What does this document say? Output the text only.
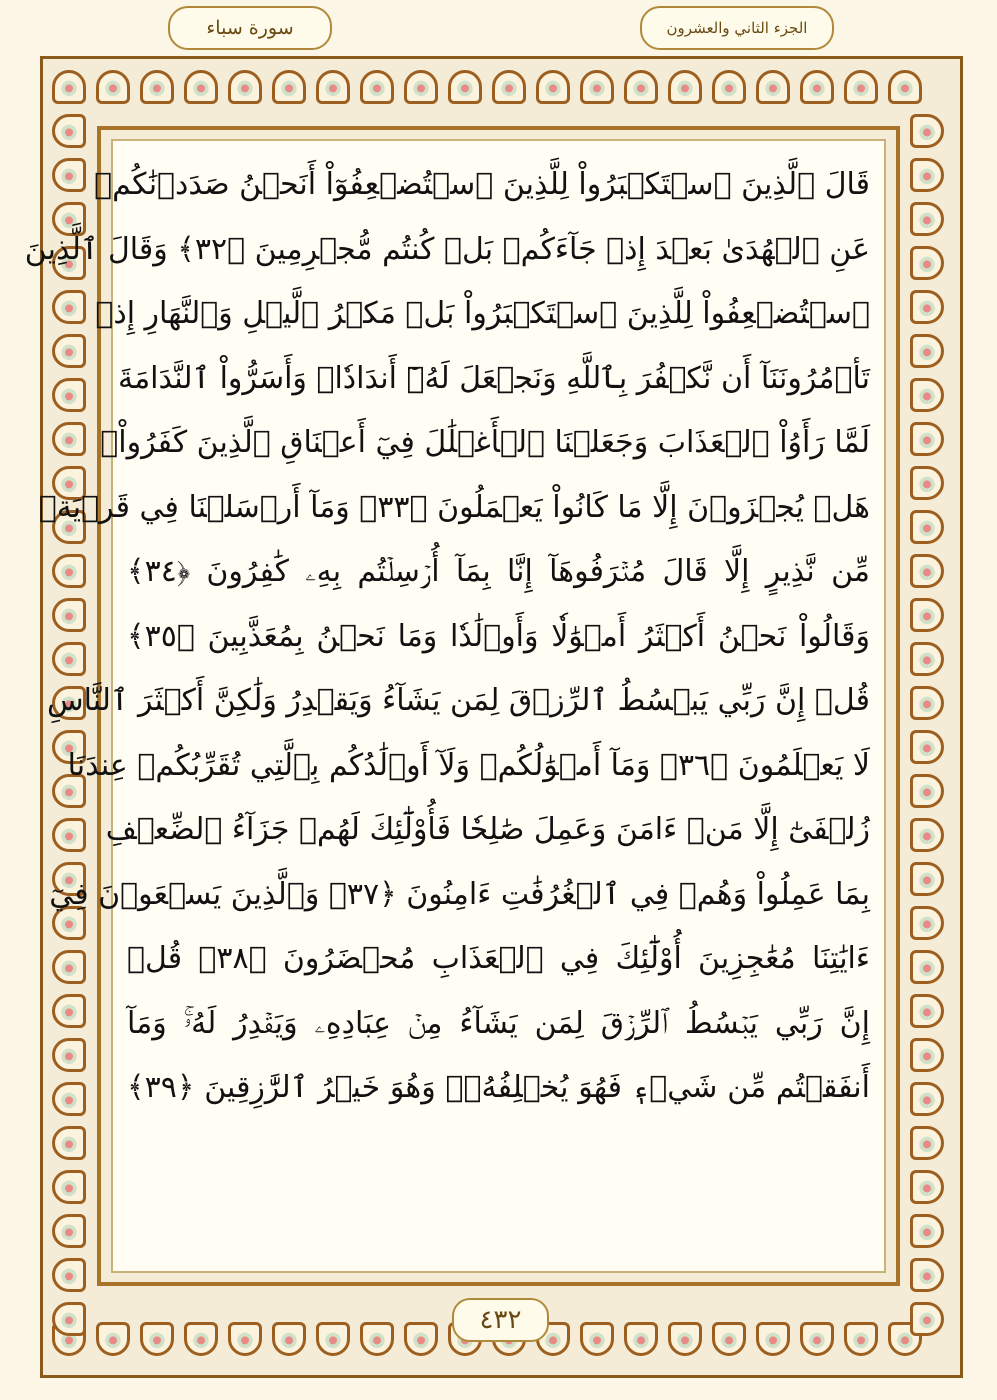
سورة سباء	الجزء الثاني والعشرون
قَالَ ٱلَّذِينَ ٱسۡتَكۡبَرُواْ لِلَّذِينَ ٱسۡتُضۡعِفُوٓاْ أَنَحۡنُ صَدَدۡنَٰكُمۡ
عَنِ ٱلۡهُدَىٰ بَعۡدَ إِذۡ جَآءَكُمۖ بَلۡ كُنتُم مُّجۡرِمِينَ ﴿٣٢﴾ وَقَالَ ٱلَّذِينَ
ٱسۡتُضۡعِفُواْ لِلَّذِينَ ٱسۡتَكۡبَرُواْ بَلۡ مَكۡرُ ٱلَّيۡلِ وَٱلنَّهَارِ إِذۡ
تَأۡمُرُونَنَآ أَن نَّكۡفُرَ بِٱللَّهِ وَنَجۡعَلَ لَهُۥٓ أَندَادٗاۚ وَأَسَرُّواْ ٱلنَّدَامَةَ
لَمَّا رَأَوُاْ ٱلۡعَذَابَ وَجَعَلۡنَا ٱلۡأَغۡلَٰلَ فِيٓ أَعۡنَاقِ ٱلَّذِينَ كَفَرُواْۚ
هَلۡ يُجۡزَوۡنَ إِلَّا مَا كَانُواْ يَعۡمَلُونَ ﴿٣٣﴾ وَمَآ أَرۡسَلۡنَا فِي قَرۡيَةٖ
مِّن نَّذِيرٍ إِلَّا قَالَ مُتۡرَفُوهَآ إِنَّا بِمَآ أُرۡسِلۡتُم بِهِۦ كَٰفِرُونَ ﴿٣٤﴾
وَقَالُواْ نَحۡنُ أَكۡثَرُ أَمۡوَٰلٗا وَأَوۡلَٰدٗا وَمَا نَحۡنُ بِمُعَذَّبِينَ ﴿٣٥﴾
قُلۡ إِنَّ رَبِّي يَبۡسُطُ ٱلرِّزۡقَ لِمَن يَشَآءُ وَيَقۡدِرُ وَلَٰكِنَّ أَكۡثَرَ ٱلنَّاسِ
لَا يَعۡلَمُونَ ﴿٣٦﴾ وَمَآ أَمۡوَٰلُكُمۡ وَلَآ أَوۡلَٰدُكُم بِٱلَّتِي تُقَرِّبُكُمۡ عِندَنَا
زُلۡفَىٰٓ إِلَّا مَنۡ ءَامَنَ وَعَمِلَ صَٰلِحٗا فَأُوْلَٰٓئِكَ لَهُمۡ جَزَآءُ ٱلضِّعۡفِ
بِمَا عَمِلُواْ وَهُمۡ فِي ٱلۡغُرُفَٰتِ ءَامِنُونَ ﴿٣٧﴾ وَٱلَّذِينَ يَسۡعَوۡنَ فِيٓ
ءَايَٰتِنَا مُعَٰجِزِينَ أُوْلَٰٓئِكَ فِي ٱلۡعَذَابِ مُحۡضَرُونَ ﴿٣٨﴾ قُلۡ
إِنَّ رَبِّي يَبۡسُطُ ٱلرِّزۡقَ لِمَن يَشَآءُ مِنۡ عِبَادِهِۦ وَيَقۡدِرُ لَهُۥۚ وَمَآ
أَنفَقۡتُم مِّن شَيۡءٖ فَهُوَ يُخۡلِفُهُۥۖ وَهُوَ خَيۡرُ ٱلرَّٰزِقِينَ ﴿٣٩﴾
٤٣٢
